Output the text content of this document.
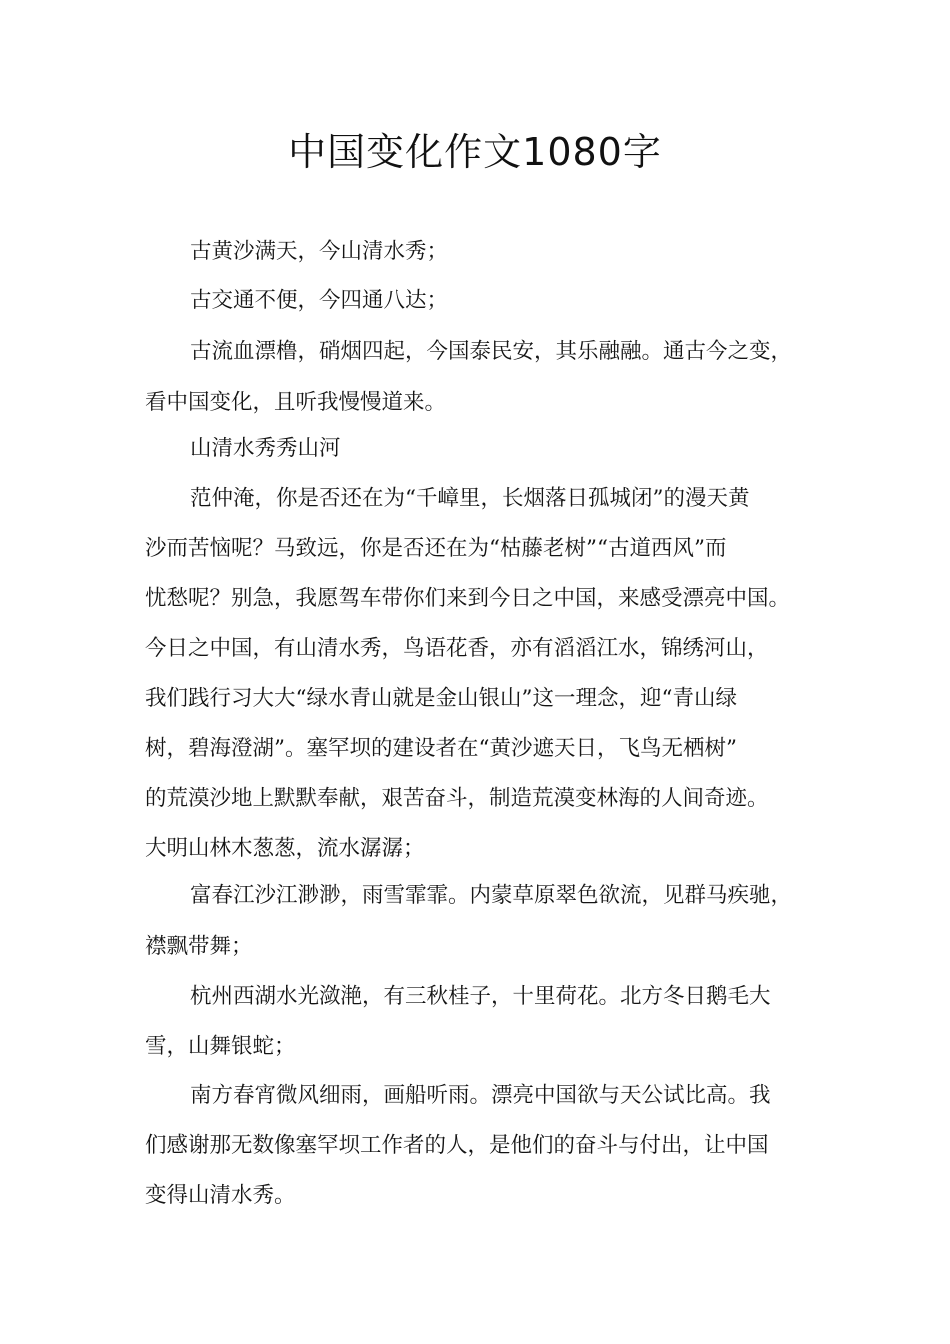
中国变化作文1080字
古黄沙满天，今山清水秀；
古交通不便，今四通八达；
古流血漂橹，硝烟四起，今国泰民安，其乐融融。通古今之变，
看中国变化，且听我慢慢道来。
山清水秀秀山河
范仲淹，你是否还在为“千嶂里，长烟落日孤城闭”的漫天黄
沙而苦恼呢？马致远，你是否还在为“枯藤老树”“古道西风”而
忧愁呢？别急，我愿驾车带你们来到今日之中国，来感受漂亮中国。
今日之中国，有山清水秀，鸟语花香，亦有滔滔江水，锦绣河山，
我们践行习大大“绿水青山就是金山银山”这一理念，迎“青山绿
树，碧海澄湖”。塞罕坝的建设者在“黄沙遮天日，飞鸟无栖树”
的荒漠沙地上默默奉献，艰苦奋斗，制造荒漠变林海的人间奇迹。
大明山林木葱葱，流水潺潺；
富春江沙江渺渺，雨雪霏霏。内蒙草原翠色欲流，见群马疾驰，
襟飘带舞；
杭州西湖水光潋滟，有三秋桂子，十里荷花。北方冬日鹅毛大
雪，山舞银蛇；
南方春宵微风细雨，画船听雨。漂亮中国欲与天公试比高。我
们感谢那无数像塞罕坝工作者的人，是他们的奋斗与付出，让中国
变得山清水秀。
